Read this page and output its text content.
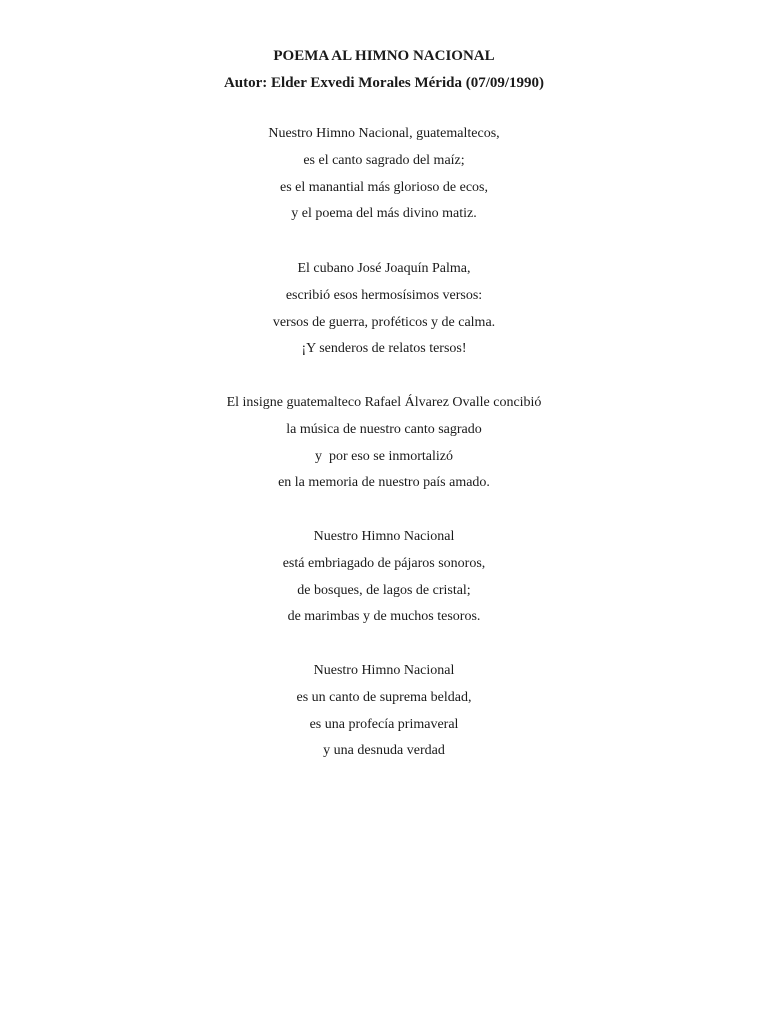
POEMA AL HIMNO NACIONAL
Autor: Elder Exvedi Morales Mérida (07/09/1990)
Nuestro Himno Nacional, guatemaltecos,
es el canto sagrado del maíz;
es el manantial más glorioso de ecos,
y el poema del más divino matiz.
El cubano José Joaquín Palma,
escribió esos hermosísimos versos:
versos de guerra, proféticos y de calma.
¡Y senderos de relatos tersos!
El insigne guatemalteco Rafael Álvarez Ovalle concibió
la música de nuestro canto sagrado
y  por eso se inmortalizó
en la memoria de nuestro país amado.
Nuestro Himno Nacional
está embriagado de pájaros sonoros,
de bosques, de lagos de cristal;
de marimbas y de muchos tesoros.
Nuestro Himno Nacional
es un canto de suprema beldad,
es una profecía primaveral
y una desnuda verdad
